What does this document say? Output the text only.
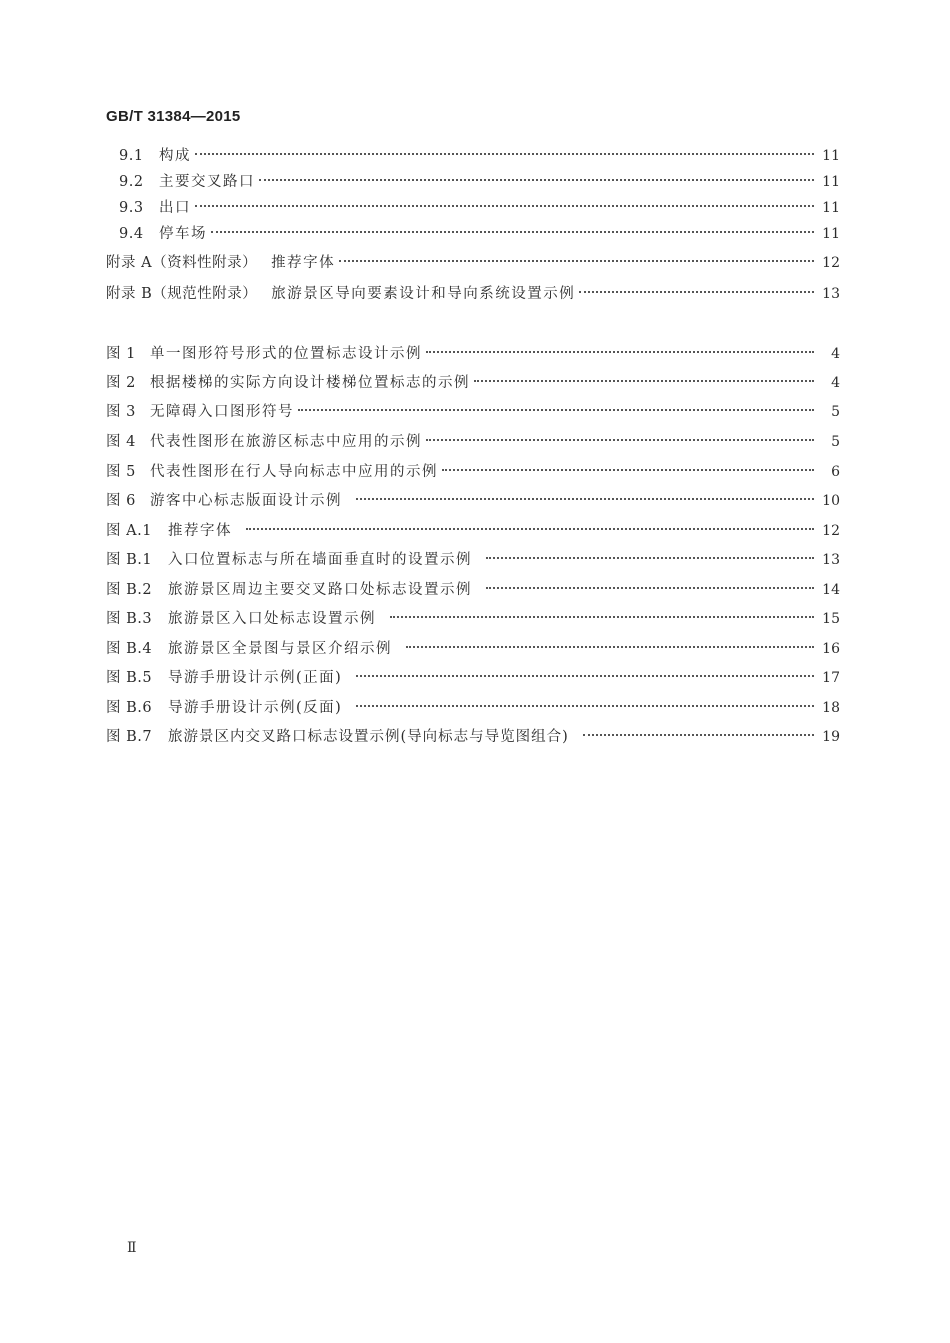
GB/T 31384—2015
9.1	构成	11
9.2	主要交叉路口	11
9.3	出口	11
9.4	停车场	11
附录 A（资料性附录） 推荐字体	12
附录 B（规范性附录） 旅游景区导向要素设计和导向系统设置示例	13
图 1 单一图形符号形式的位置标志设计示例	4
图 2 根据楼梯的实际方向设计楼梯位置标志的示例	4
图 3 无障碍入口图形符号	5
图 4 代表性图形在旅游区标志中应用的示例	5
图 5 代表性图形在行人导向标志中应用的示例	6
图 6 游客中心标志版面设计示例	10
图 A.1	推荐字体	12
图 B.1	入口位置标志与所在墙面垂直时的设置示例	13
图 B.2	旅游景区周边主要交叉路口处标志设置示例	14
图 B.3	旅游景区入口处标志设置示例	15
图 B.4	旅游景区全景图与景区介绍示例	16
图 B.5	导游手册设计示例(正面)	17
图 B.6	导游手册设计示例(反面)	18
图 B.7	旅游景区内交叉路口标志设置示例(导向标志与导览图组合)	19
Ⅱ
